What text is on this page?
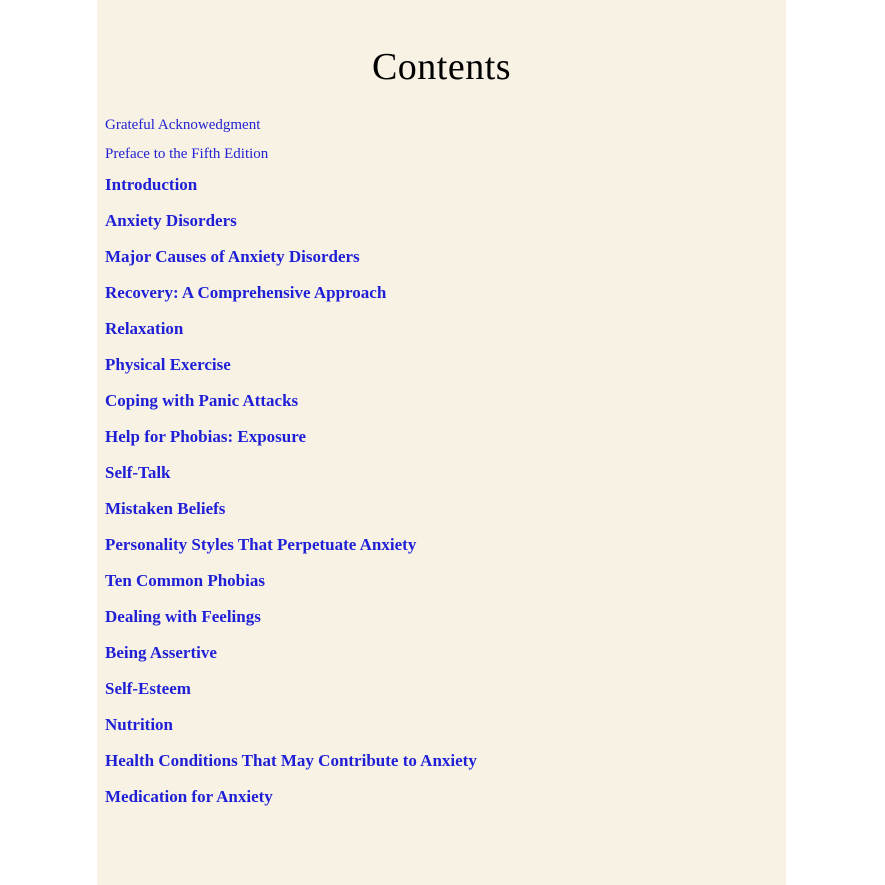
Contents
Grateful Acknowedgment
Preface to the Fifth Edition
Introduction
Anxiety Disorders
Major Causes of Anxiety Disorders
Recovery: A Comprehensive Approach
Relaxation
Physical Exercise
Coping with Panic Attacks
Help for Phobias: Exposure
Self-Talk
Mistaken Beliefs
Personality Styles That Perpetuate Anxiety
Ten Common Phobias
Dealing with Feelings
Being Assertive
Self-Esteem
Nutrition
Health Conditions That May Contribute to Anxiety
Medication for Anxiety
